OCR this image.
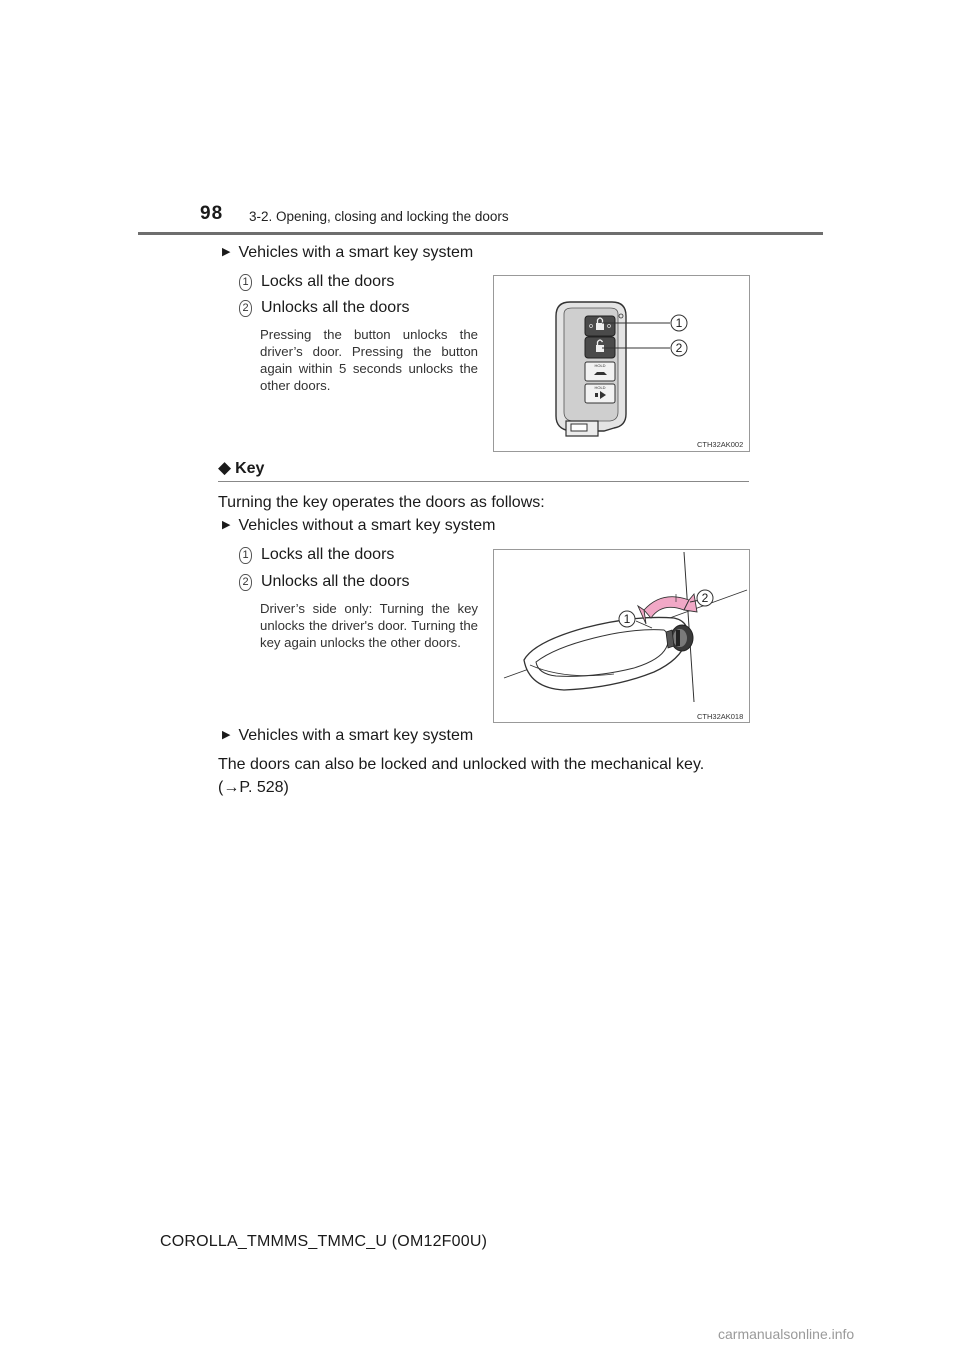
98 3-2. Opening, closing and locking the doors
▶ Vehicles with a smart key system
1 Locks all the doors
2 Unlocks all the doors
Pressing the button unlocks the driver’s door. Pressing the button again within 5 seconds unlocks the other doors.
HOLD
HOLD
1
2
CTH32AK002
◆ Key
Turning the key operates the doors as follows:
▶ Vehicles without a smart key system
1 Locks all the doors
2 Unlocks all the doors
Driver’s side only: Turning the key unlocks the driver's door. Turning the key again unlocks the other doors.
1
2
CTH32AK018
▶ Vehicles with a smart key system
The doors can also be locked and unlocked with the mechanical key.
(→P. 528)
COROLLA_TMMMS_TMMC_U (OM12F00U)
carmanualsonline.info
